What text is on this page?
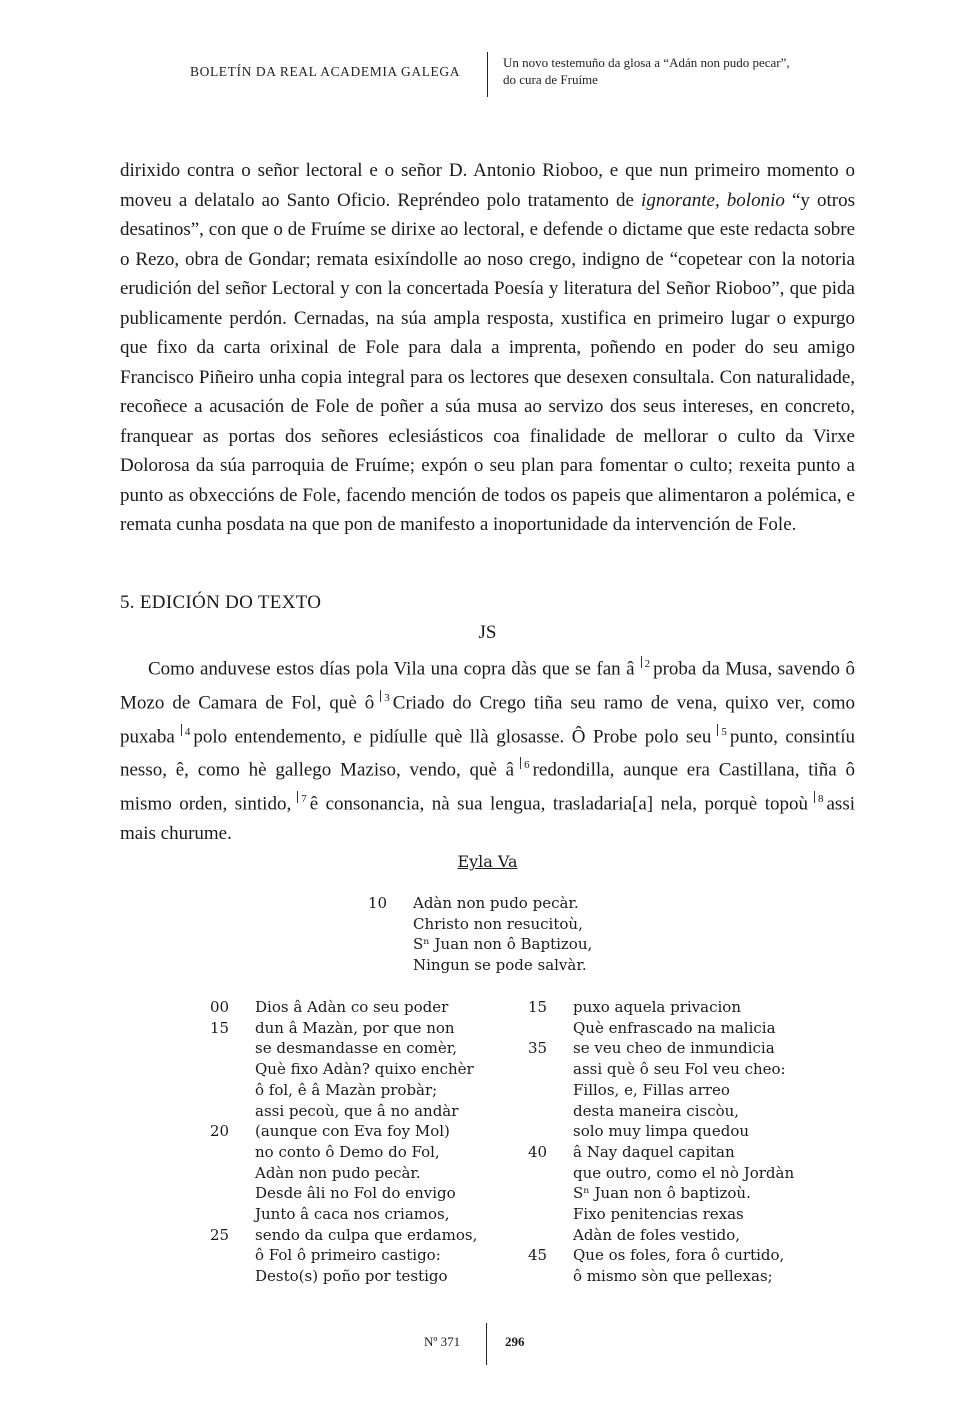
BOLETÍN DA REAL ACADEMIA GALEGA
Un novo testemuño da glosa a “Adán non pudo pecar”,
do cura de Fruíme

dirixido contra o señor lectoral e o señor D. Antonio Rioboo, e que nun primeiro momento o moveu a delatalo ao Santo Oficio. Repréndeo polo tratamento de ignorante, bolonio “y otros desatinos”, con que o de Fruíme se dirixe ao lectoral, e defende o dictame que este redacta sobre o Rezo, obra de Gondar; remata esixíndolle ao noso crego, indigno de “copetear con la notoria erudición del señor Lectoral y con la concertada Poesía y literatura del Señor Rioboo”, que pida publicamente perdón. Cernadas, na súa ampla resposta, xustifica en primeiro lugar o expurgo que fixo da carta orixinal de Fole para dala a imprenta, poñendo en poder do seu amigo Francisco Piñeiro unha copia integral para os lectores que desexen consultala. Con naturalidade, recoñece a acusación de Fole de poñer a súa musa ao servizo dos seus intereses, en concreto, franquear as portas dos señores eclesiásticos coa finalidade de mellorar o culto da Virxe Dolorosa da súa parroquia de Fruíme; expón o seu plan para fomentar o culto; rexeita punto a punto as obxeccións de Fole, facendo mención de todos os papeis que alimentaron a polémica, e remata cunha posdata na que pon de manifesto a inoportunidade da intervención de Fole.

5. EDICIÓN DO TEXTO
JS

Como anduvese estos días pola Vila una copra dàs que se fan â $^2$ proba da Musa, savendo ô Mozo de Camara de Fol, què ô $^3$ Criado do Crego tiña seu ramo de vena, quixo ver, como puxaba $^4$ polo entendemento, e pidíulle què llà glosasse. Ô Probe polo seu $^5$ punto, consintíu nesso, ê, como hè gallego Maziso, vendo, què â $^6$ redondilla, aunque era Castillana, tiña ô mismo orden, sintido, $^7$ ê consonancia, nà sua lengua, trasladaria[a] nela, porquè topoù $^8$ assi mais churume.

Eyla Va
10	Adàn non pudo pecàr.
Christo non resucitoù,
Sⁿ Juan non ô Baptizou,
Ningun se pode salvàr.
00	Dios â Adàn co seu poder
15	dun â Mazàn, por que non
se desmandasse en comèr,
Què fixo Adàn? quixo enchèr
ô fol, ê â Mazàn probàr;
assi pecoù, que â no andàr
20	(aunque con Eva foy Mol)
no conto ô Demo do Fol,
Adàn non pudo pecàr.
Desde âli no Fol do envigo
Junto â caca nos criamos,
25	sendo da culpa que erdamos,
ô Fol ô primeiro castigo:
Desto(s) poño por testigo
15	puxo aquela privacion
Què enfrascado na malicia
35	se veu cheo de inmundicia
assi què ô seu Fol veu cheo:
Fillos, e, Fillas arreo
desta maneira ciscòu,
solo muy limpa quedou
40	â Nay daquel capitan
que outro, como el nò Jordàn
Sⁿ Juan non ô baptizoù.
Fixo penitencias rexas
Adàn de foles vestido,
45	Que os foles, fora ô curtido,
ô mismo sòn que pellexas;
Nº 371	296
